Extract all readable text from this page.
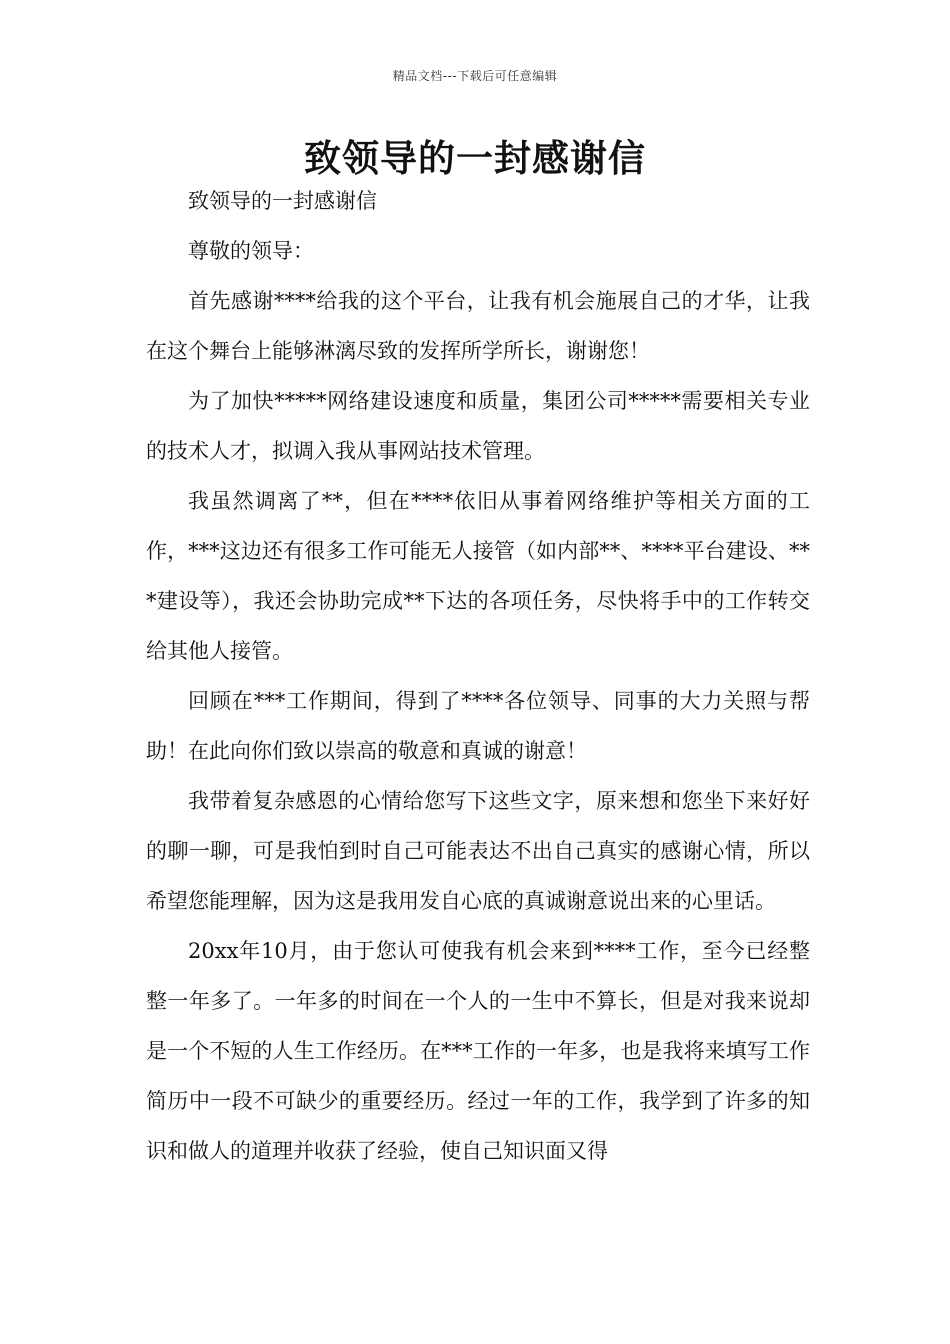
精品文档---下载后可任意编辑
致领导的一封感谢信

致领导的一封感谢信

尊敬的领导：

首先感谢****给我的这个平台，让我有机会施展自己的才华，让我在这个舞台上能够淋漓尽致的发挥所学所长，谢谢您！

为了加快*****网络建设速度和质量，集团公司*****需要相关专业的技术人才，拟调入我从事网站技术管理。

我虽然调离了**，但在****依旧从事着网络维护等相关方面的工作，***这边还有很多工作可能无人接管（如内部**、****平台建设、***建设等），我还会协助完成**下达的各项任务，尽快将手中的工作转交给其他人接管。

回顾在***工作期间，得到了****各位领导、同事的大力关照与帮助！在此向你们致以崇高的敬意和真诚的谢意！

我带着复杂感恩的心情给您写下这些文字，原来想和您坐下来好好的聊一聊，可是我怕到时自己可能表达不出自己真实的感谢心情，所以希望您能理解，因为这是我用发自心底的真诚谢意说出来的心里话。

20xx年10月，由于您认可使我有机会来到****工作，至今已经整整一年多了。一年多的时间在一个人的一生中不算长，但是对我来说却是一个不短的人生工作经历。在***工作的一年多，也是我将来填写工作简历中一段不可缺少的重要经历。经过一年的工作，我学到了许多的知识和做人的道理并收获了经验，使自己知识面又得
